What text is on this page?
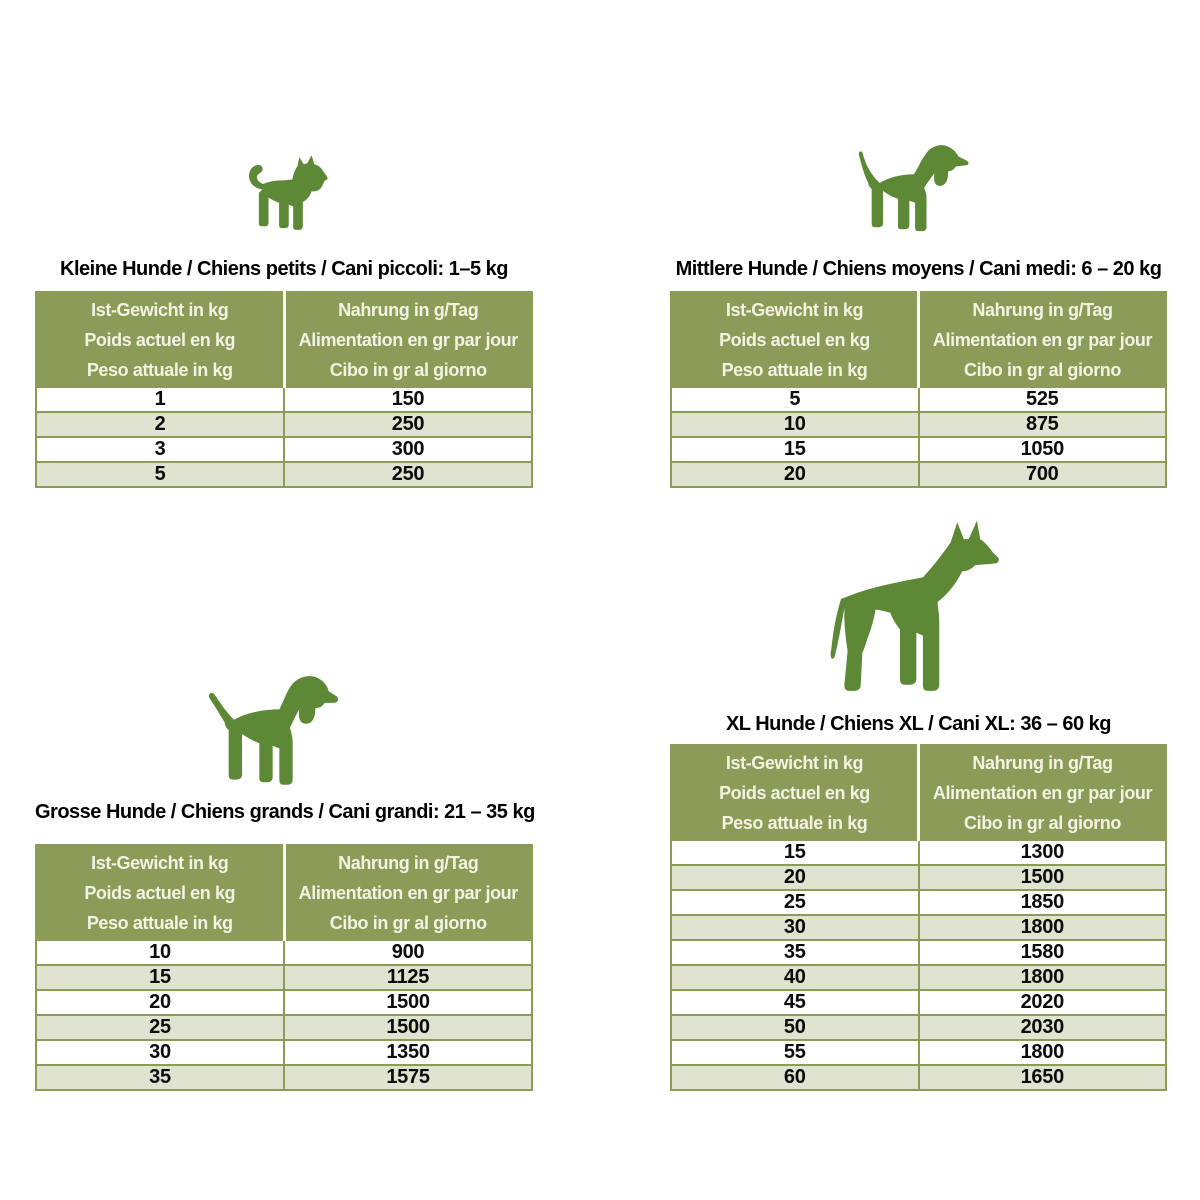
Kleine Hunde / Chiens petits / Cani piccoli: 1–5 kg
Ist-Gewicht in kg
Poids actuel en kg
Peso attuale in kg

Nahrung in g/Tag
Alimentation en gr par jour
Cibo in gr al giorno

1	150
2	250
3	300
5	250
Mittlere Hunde / Chiens moyens / Cani medi: 6 – 20 kg
Ist-Gewicht in kg
Poids actuel en kg
Peso attuale in kg

Nahrung in g/Tag
Alimentation en gr par jour
Cibo in gr al giorno

5	525
10	875
15	1050
20	700
Grosse Hunde / Chiens grands / Cani grandi: 21 – 35 kg
Ist-Gewicht in kg
Poids actuel en kg
Peso attuale in kg

Nahrung in g/Tag
Alimentation en gr par jour
Cibo in gr al giorno

10	900
15	1125
20	1500
25	1500
30	1350
35	1575
XL Hunde / Chiens XL / Cani XL: 36 – 60 kg
Ist-Gewicht in kg
Poids actuel en kg
Peso attuale in kg

Nahrung in g/Tag
Alimentation en gr par jour
Cibo in gr al giorno

15	1300
20	1500
25	1850
30	1800
35	1580
40	1800
45	2020
50	2030
55	1800
60	1650
